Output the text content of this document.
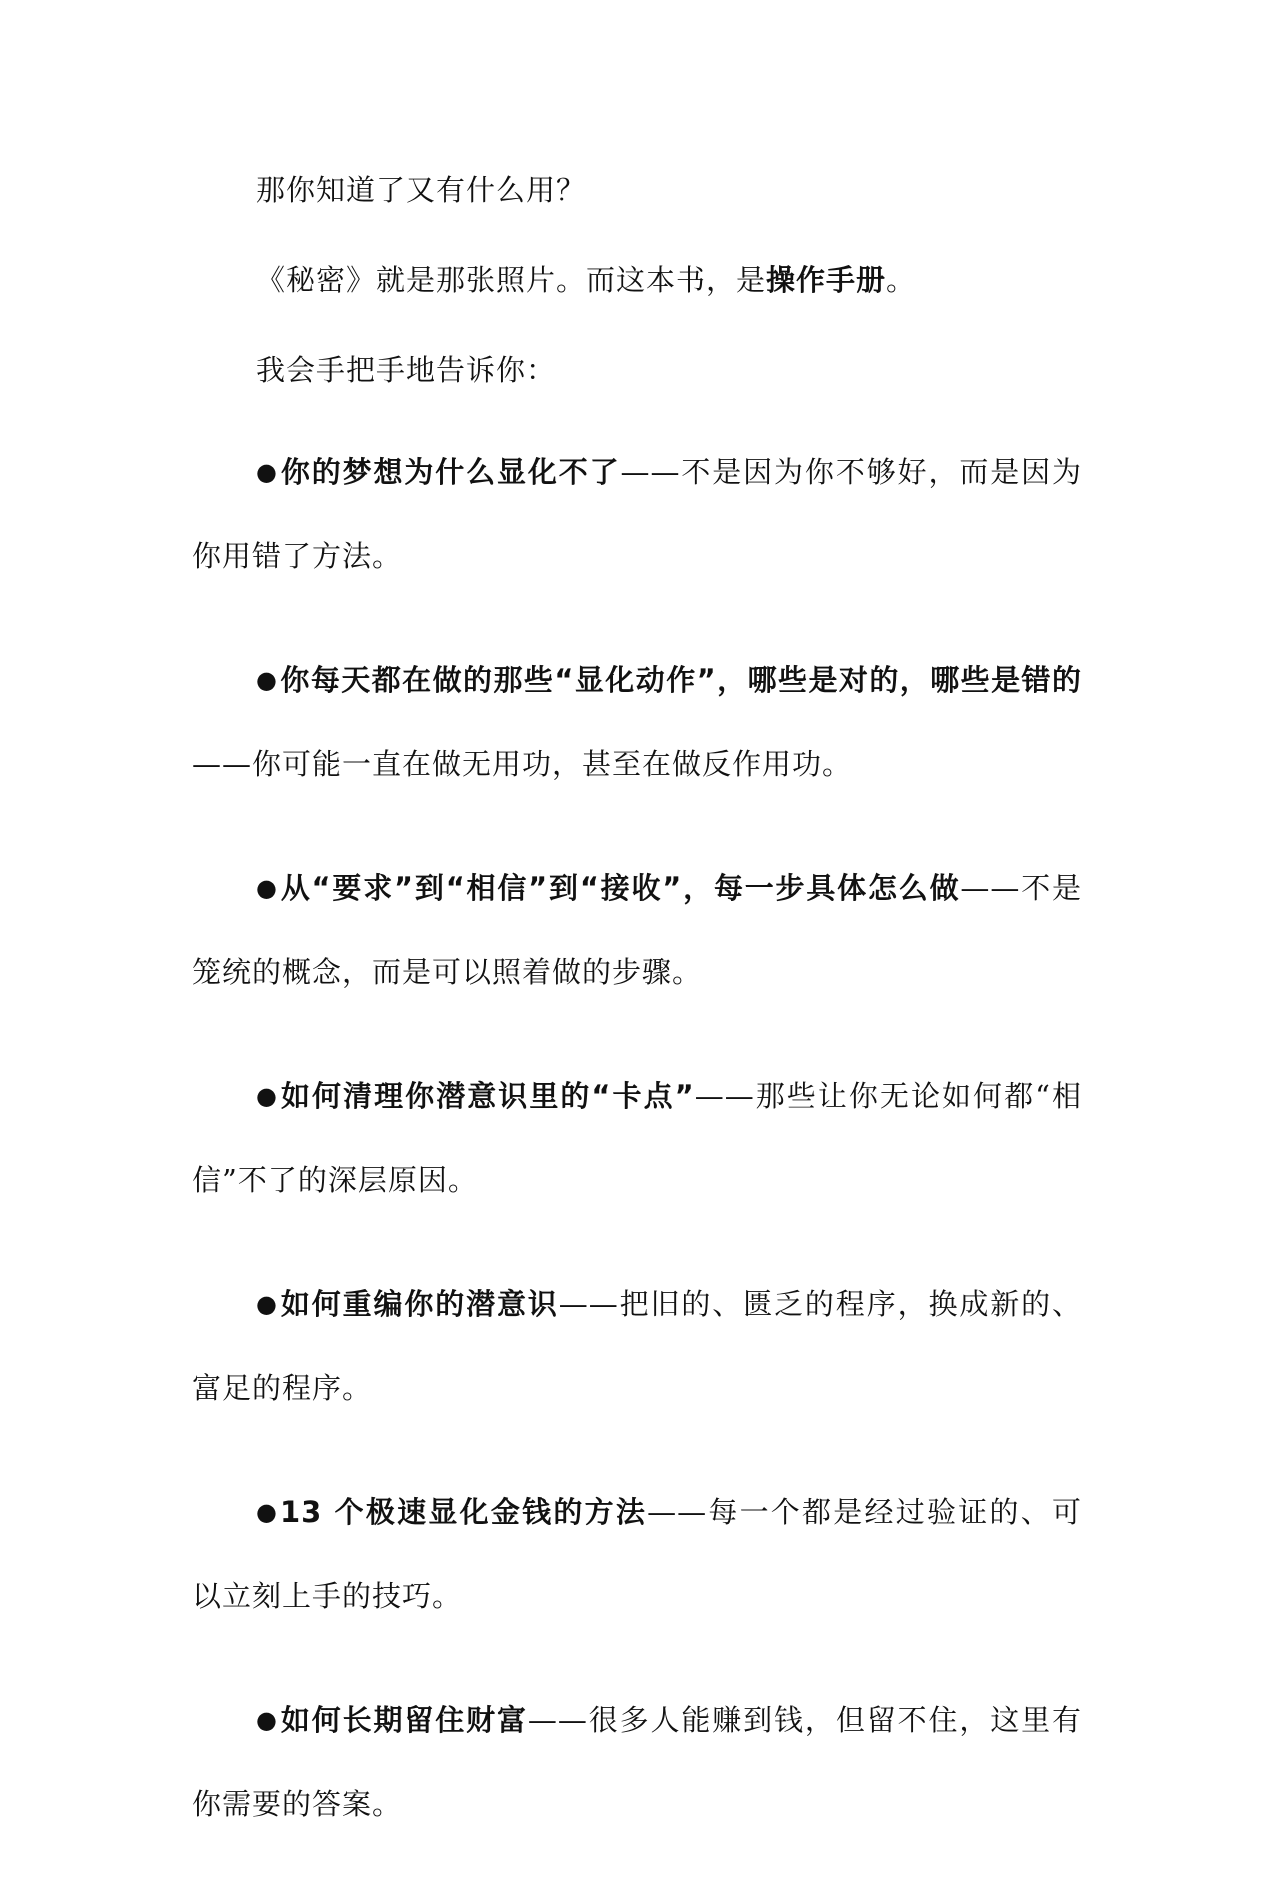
那你知道了又有什么用？

《秘密》就是那张照片。而这本书，是操作手册。

我会手把手地告诉你：

●你的梦想为什么显化不了——不是因为你不够好，而是因为你用错了方法。

●你每天都在做的那些“显化动作”，哪些是对的，哪些是错的——你可能一直在做无用功，甚至在做反作用功。

●从“要求”到“相信”到“接收”，每一步具体怎么做——不是笼统的概念，而是可以照着做的步骤。

●如何清理你潜意识里的“卡点”——那些让你无论如何都“相信”不了的深层原因。

●如何重编你的潜意识——把旧的、匮乏的程序，换成新的、富足的程序。

●13 个极速显化金钱的方法——每一个都是经过验证的、可以立刻上手的技巧。

●如何长期留住财富——很多人能赚到钱，但留不住，这里有你需要的答案。
